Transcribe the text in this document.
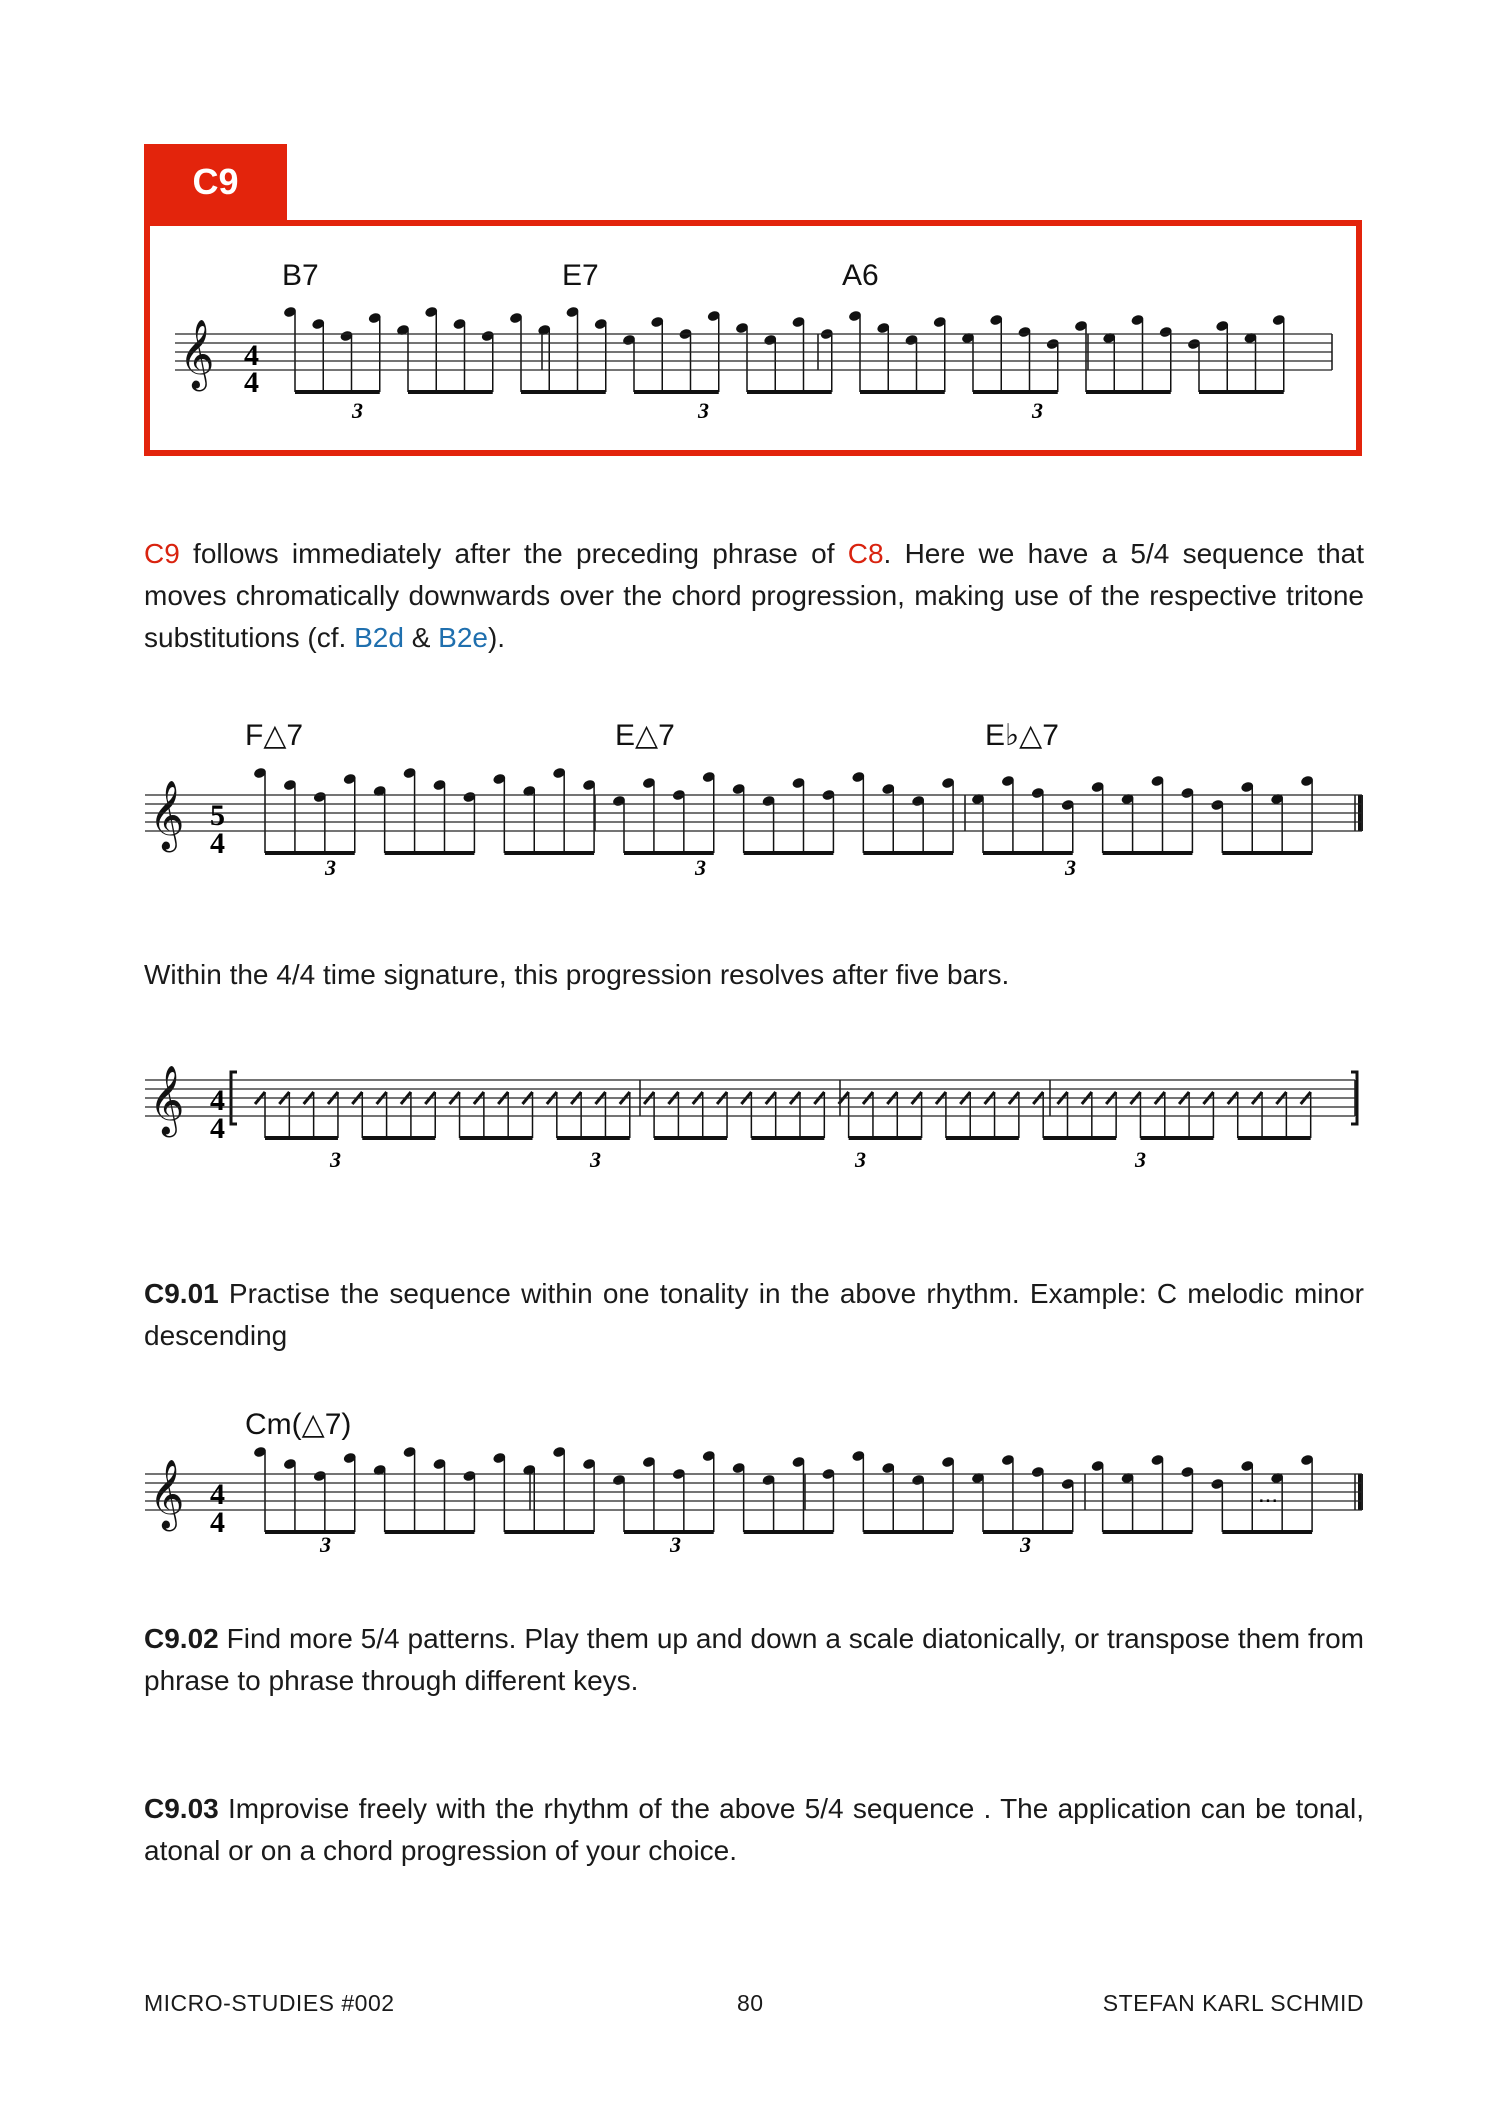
C9
𝄞
B7	E7	A6
3	3	3
4
4

C9 follows immediately after the preceding phrase of C8. Here we have a 5/4 sequence that moves chromatically downwards over the chord progression, making use of the respective tritone substitutions (cf. B2d & B2e).

𝄞
F△7	E△7	E♭△7
3	3	3
5
4

Within the 4/4 time signature, this progression resolves after five bars.

𝄞
3	3	3	3
4
4

C9.01 Practise the sequence within one tonality in the above rhythm. Example: C melodic minor descending

𝄞
Cm(△7)
3	3	3
...
4
4

C9.02 Find more 5/4 patterns. Play them up and down a scale diatonically, or transpose them from phrase to phrase through different keys.

C9.03 Improvise freely with the rhythm of the above 5/4 sequence . The application can be tonal, atonal or on a chord progression of your choice.

MICRO-STUDIES #002	80	STEFAN KARL SCHMID
